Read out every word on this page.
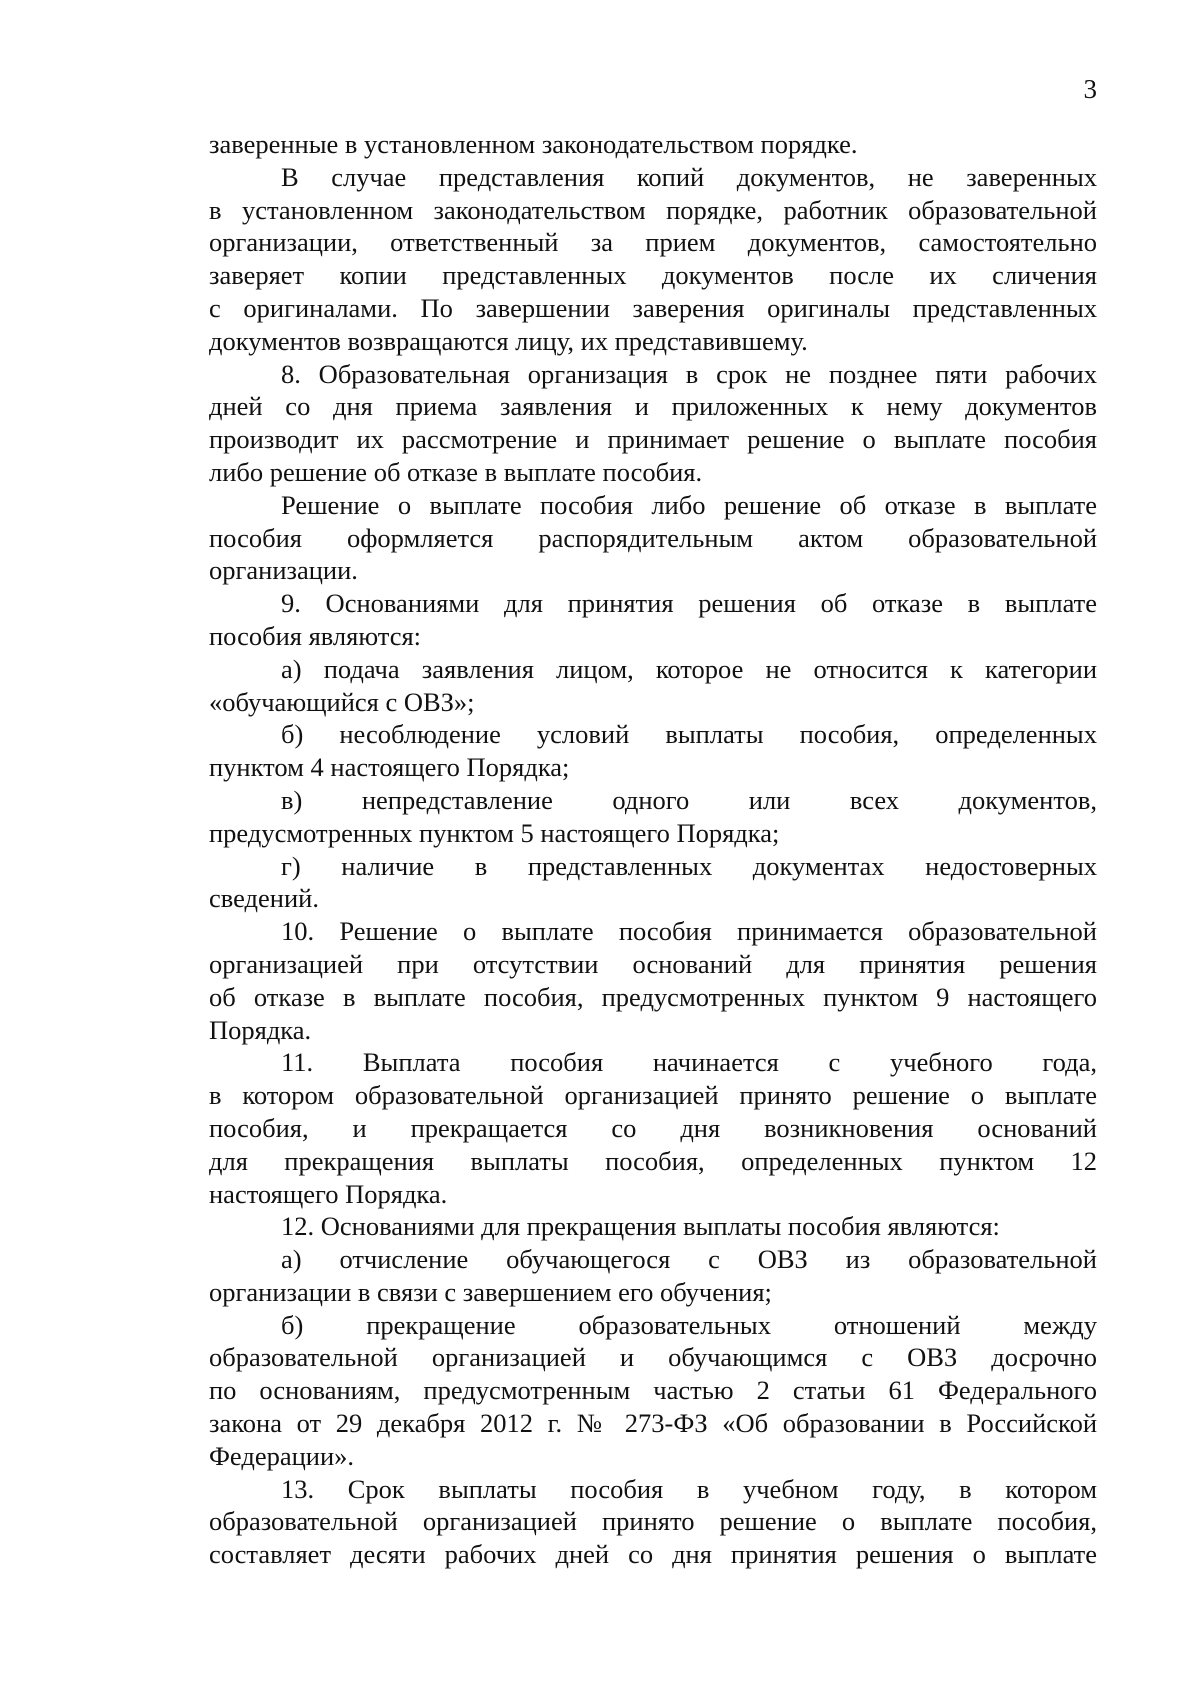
3
заверенные в установленном законодательством порядке.
В случае представления копий документов, не заверенных
в установленном законодательством порядке, работник образовательной
организации, ответственный за прием документов, самостоятельно
заверяет копии представленных документов после их сличения
с оригиналами. По завершении заверения оригиналы представленных
документов возвращаются лицу, их представившему.
8. Образовательная организация в срок не позднее пяти рабочих
дней со дня приема заявления и приложенных к нему документов
производит их рассмотрение и принимает решение о выплате пособия
либо решение об отказе в выплате пособия.
Решение о выплате пособия либо решение об отказе в выплате
пособия оформляется распорядительным актом образовательной
организации.
9. Основаниями для принятия решения об отказе в выплате
пособия являются:
а) подача заявления лицом, которое не относится к категории
«обучающийся с ОВЗ»;
б) несоблюдение условий выплаты пособия, определенных
пунктом 4 настоящего Порядка;
в) непредставление одного или всех документов,
предусмотренных пунктом 5 настоящего Порядка;
г) наличие в представленных документах недостоверных
сведений.
10. Решение о выплате пособия принимается образовательной
организацией при отсутствии оснований для принятия решения
об отказе в выплате пособия, предусмотренных пунктом 9 настоящего
Порядка.
11. Выплата пособия начинается с учебного года,
в котором образовательной организацией принято решение о выплате
пособия, и прекращается со дня возникновения оснований
для прекращения выплаты пособия, определенных пунктом 12
настоящего Порядка.
12. Основаниями для прекращения выплаты пособия являются:
а) отчисление обучающегося с ОВЗ из образовательной
организации в связи с завершением его обучения;
б) прекращение образовательных отношений между
образовательной организацией и обучающимся с ОВЗ досрочно
по основаниям, предусмотренным частью 2 статьи 61 Федерального
закона от 29 декабря 2012 г. № 273-ФЗ «Об образовании в Российской
Федерации».
13. Срок выплаты пособия в учебном году, в котором
образовательной организацией принято решение о выплате пособия,
составляет десяти рабочих дней со дня принятия решения о выплате
